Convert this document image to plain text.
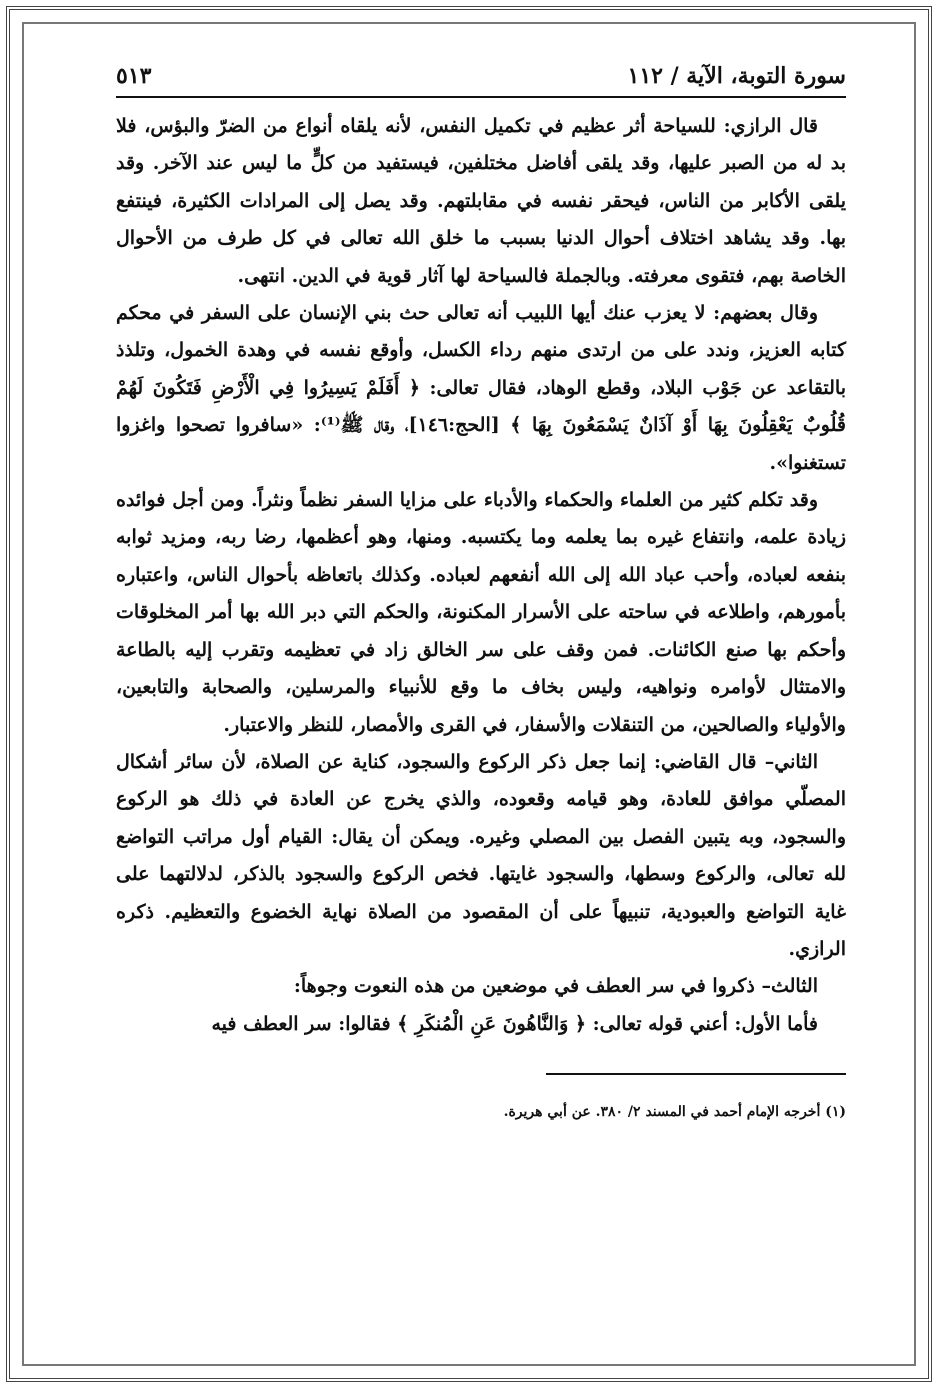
سورة التوبة، الآية / ١١٢
٥١٣

قال الرازي: للسياحة أثر عظيم في تكميل النفس، لأنه يلقاه أنواع من الضرّ والبؤس، فلا بد له من الصبر عليها، وقد يلقى أفاضل مختلفين، فيستفيد من كلٍّ ما ليس عند الآخر. وقد يلقى الأكابر من الناس، فيحقر نفسه في مقابلتهم. وقد يصل إلى المرادات الكثيرة، فينتفع بها. وقد يشاهد اختلاف أحوال الدنيا بسبب ما خلق الله تعالى في كل طرف من الأحوال الخاصة بهم، فتقوى معرفته. وبالجملة فالسياحة لها آثار قوية في الدين. انتهى.

وقال بعضهم: لا يعزب عنك أيها اللبيب أنه تعالى حث بني الإنسان على السفر في محكم كتابه العزيز، وندد على من ارتدى منهم رداء الكسل، وأوقع نفسه في وهدة الخمول، وتلذذ بالتقاعد عن جَوْب البلاد، وقطع الوهاد، فقال تعالى: ﴿ أَفَلَمْ يَسِيرُوا فِي الْأَرْضِ فَتَكُونَ لَهُمْ قُلُوبٌ يَعْقِلُونَ بِهَا أَوْ آذَانٌ يَسْمَعُونَ بِهَا ﴾ [الحج:١٤٦]، وقال ﷺ⁽¹⁾: «سافروا تصحوا واغزوا تستغنوا».

وقد تكلم كثير من العلماء والحكماء والأدباء على مزايا السفر نظماً ونثراً. ومن أجل فوائده زيادة علمه، وانتفاع غيره بما يعلمه وما يكتسبه. ومنها، وهو أعظمها، رضا ربه، ومزيد ثوابه بنفعه لعباده، وأحب عباد الله إلى الله أنفعهم لعباده. وكذلك باتعاظه بأحوال الناس، واعتباره بأمورهم، واطلاعه في ساحته على الأسرار المكنونة، والحكم التي دبر الله بها أمر المخلوقات وأحكم بها صنع الكائنات. فمن وقف على سر الخالق زاد في تعظيمه وتقرب إليه بالطاعة والامتثال لأوامره ونواهيه، وليس بخاف ما وقع للأنبياء والمرسلين، والصحابة والتابعين، والأولياء والصالحين، من التنقلات والأسفار، في القرى والأمصار، للنظر والاعتبار.

الثاني– قال القاضي: إنما جعل ذكر الركوع والسجود، كناية عن الصلاة، لأن سائر أشكال المصلّي موافق للعادة، وهو قيامه وقعوده، والذي يخرج عن العادة في ذلك هو الركوع والسجود، وبه يتبين الفصل بين المصلي وغيره. ويمكن أن يقال: القيام أول مراتب التواضع لله تعالى، والركوع وسطها، والسجود غايتها. فخص الركوع والسجود بالذكر، لدلالتهما على غاية التواضع والعبودية، تنبيهاً على أن المقصود من الصلاة نهاية الخضوع والتعظيم. ذكره الرازي.

الثالث– ذكروا في سر العطف في موضعين من هذه النعوت وجوهاً:

فأما الأول: أعني قوله تعالى: ﴿ وَالنَّاهُونَ عَنِ الْمُنكَرِ ﴾ فقالوا: سر العطف فيه

(١) أخرجه الإمام أحمد في المسند ٢/ ٣٨٠. عن أبي هريرة.
